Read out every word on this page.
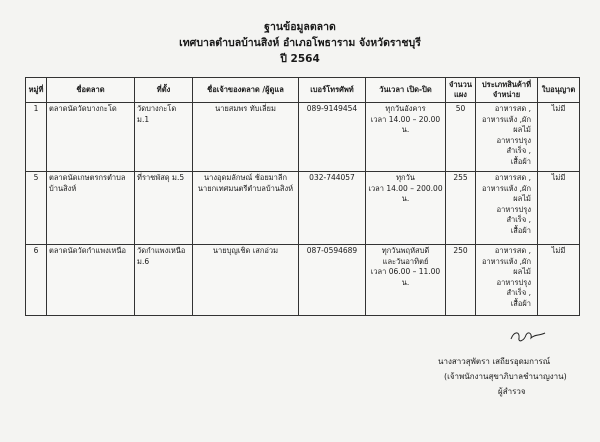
ฐานข้อมูลตลาด
เทศบาลตำบลบ้านสิงห์ อำเภอโพธาราม จังหวัดราชบุรี
ปี 2564
หมู่ที่	ชื่อตลาด	ที่ตั้ง	ชื่อเจ้าของตลาด /ผู้ดูแล	เบอร์โทรศัพท์	วันเวลา เปิด-ปิด	จำนวน แผง	ประเภทสินค้าที่ จำหน่าย	ใบอนุญาต
1	ตลาดนัดวัดบางกะโด	วัดบางกะโด ม.1	นายสมพร ทับเลี่ยม	089-9149454	ทุกวันอังคาร
เวลา 14.00 – 20.00 น.	50	อาหารสด ,
อาหารแห้ง ,ผัก
ผลไม้
อาหารปรุงสำเร็จ ,
เสื้อผ้า	ไม่มี
5	ตลาดนัดเกษตรกรตำบลบ้านสิงห์	ที่ราชพัสดุ ม.5	นางอุดมลักษณ์ ช้อยมาลีก
นายกเทศมนตรีตำบลบ้านสิงห์	032-744057	ทุกวัน
เวลา 14.00 – 200.00 น.	255	อาหารสด ,
อาหารแห้ง ,ผัก
ผลไม้
อาหารปรุงสำเร็จ ,
เสื้อผ้า	ไม่มี
6	ตลาดนัดวัดกำแพงเหนือ	วัดกำแพงเหนือ ม.6	นายบุญเชิด เสกอ่วม	087-0594689	ทุกวันพฤหัสบดี
และวันอาทิตย์
เวลา 06.00 – 11.00 น.	250	อาหารสด ,
อาหารแห้ง ,ผัก
ผลไม้
อาหารปรุงสำเร็จ ,
เสื้อผ้า	ไม่มี
นางสาวสุพัตรา เสถียรอุดมการณ์
(เจ้าพนักงานสุขาภิบาลชำนาญงาน)
ผู้สำรวจ
